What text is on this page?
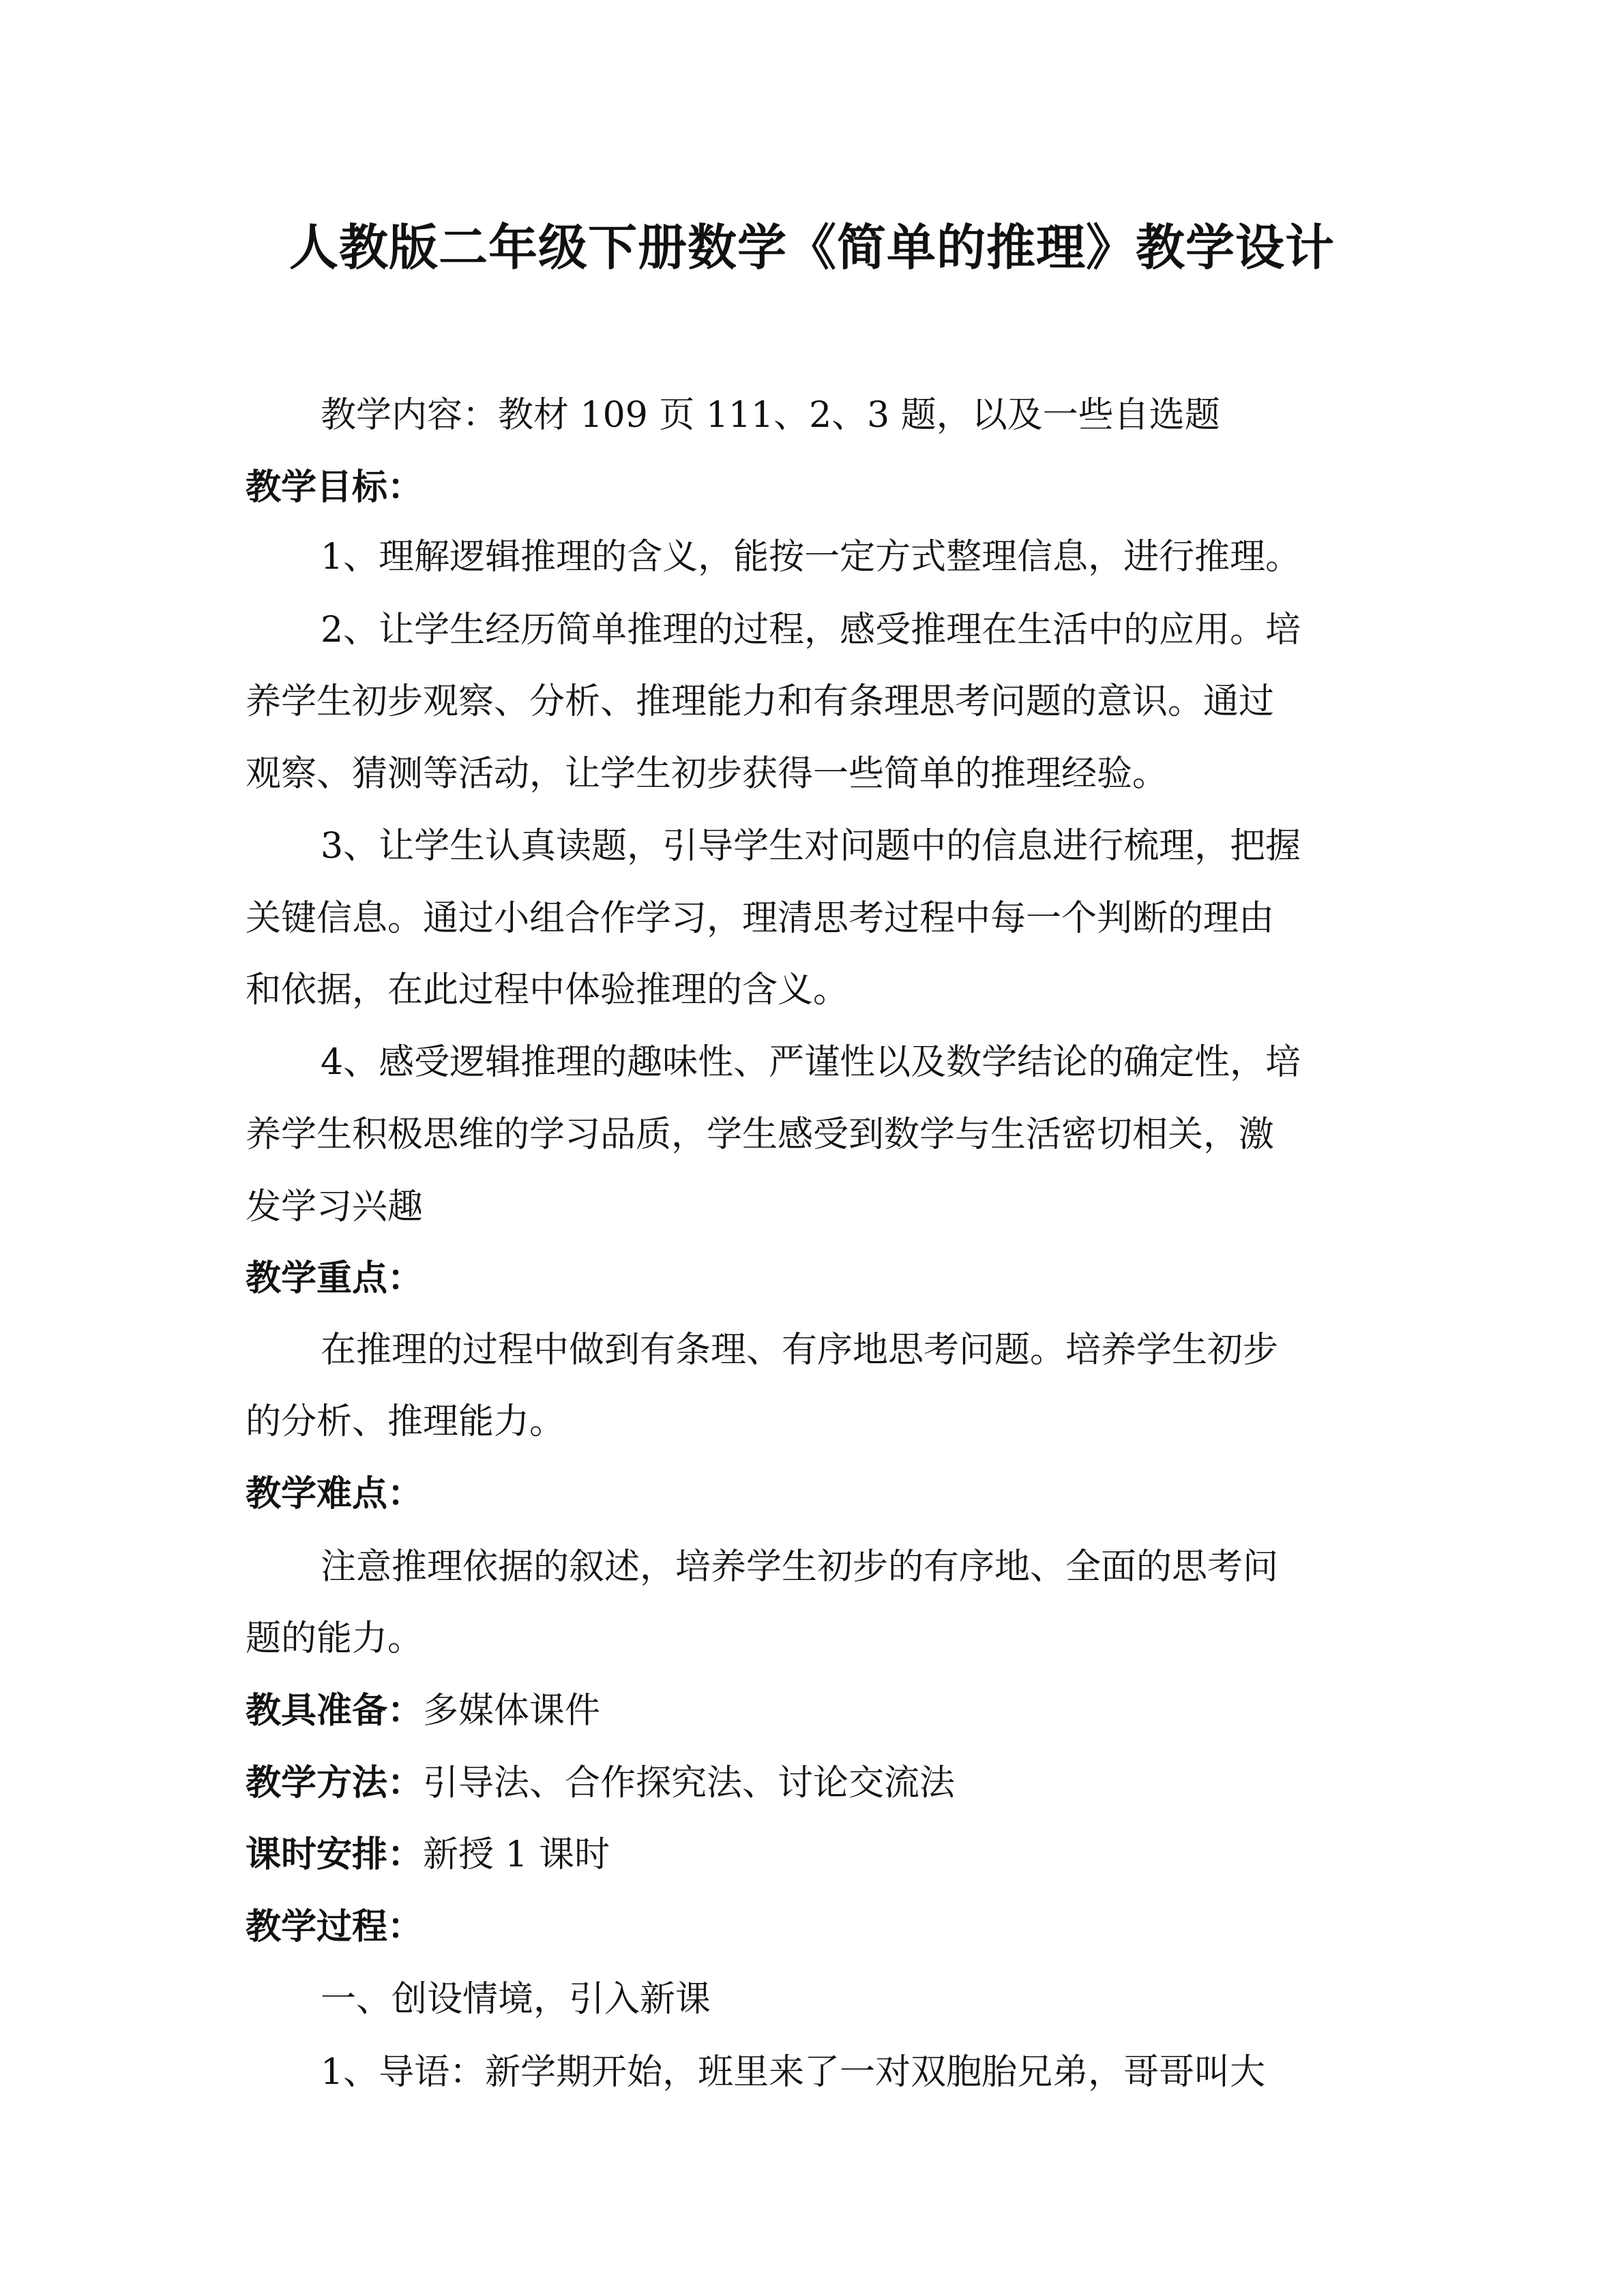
人教版二年级下册数学《简单的推理》教学设计

教学内容：教材 109 页 111、2、3 题，以及一些自选题

教学目标：

1、理解逻辑推理的含义，能按一定方式整理信息，进行推理。

2、让学生经历简单推理的过程，感受推理在生活中的应用。培

养学生初步观察、分析、推理能力和有条理思考问题的意识。通过

观察、猜测等活动，让学生初步获得一些简单的推理经验。

3、让学生认真读题，引导学生对问题中的信息进行梳理，把握

关键信息。通过小组合作学习，理清思考过程中每一个判断的理由

和依据，在此过程中体验推理的含义。

4、感受逻辑推理的趣味性、严谨性以及数学结论的确定性，培

养学生积极思维的学习品质，学生感受到数学与生活密切相关，激

发学习兴趣

教学重点：

在推理的过程中做到有条理、有序地思考问题。培养学生初步

的分析、推理能力。

教学难点：

注意推理依据的叙述，培养学生初步的有序地、全面的思考问

题的能力。

教具准备：多媒体课件

教学方法：引导法、合作探究法、讨论交流法

课时安排：新授 1 课时

教学过程：

一、创设情境，引入新课

1、导语：新学期开始，班里来了一对双胞胎兄弟，哥哥叫大
